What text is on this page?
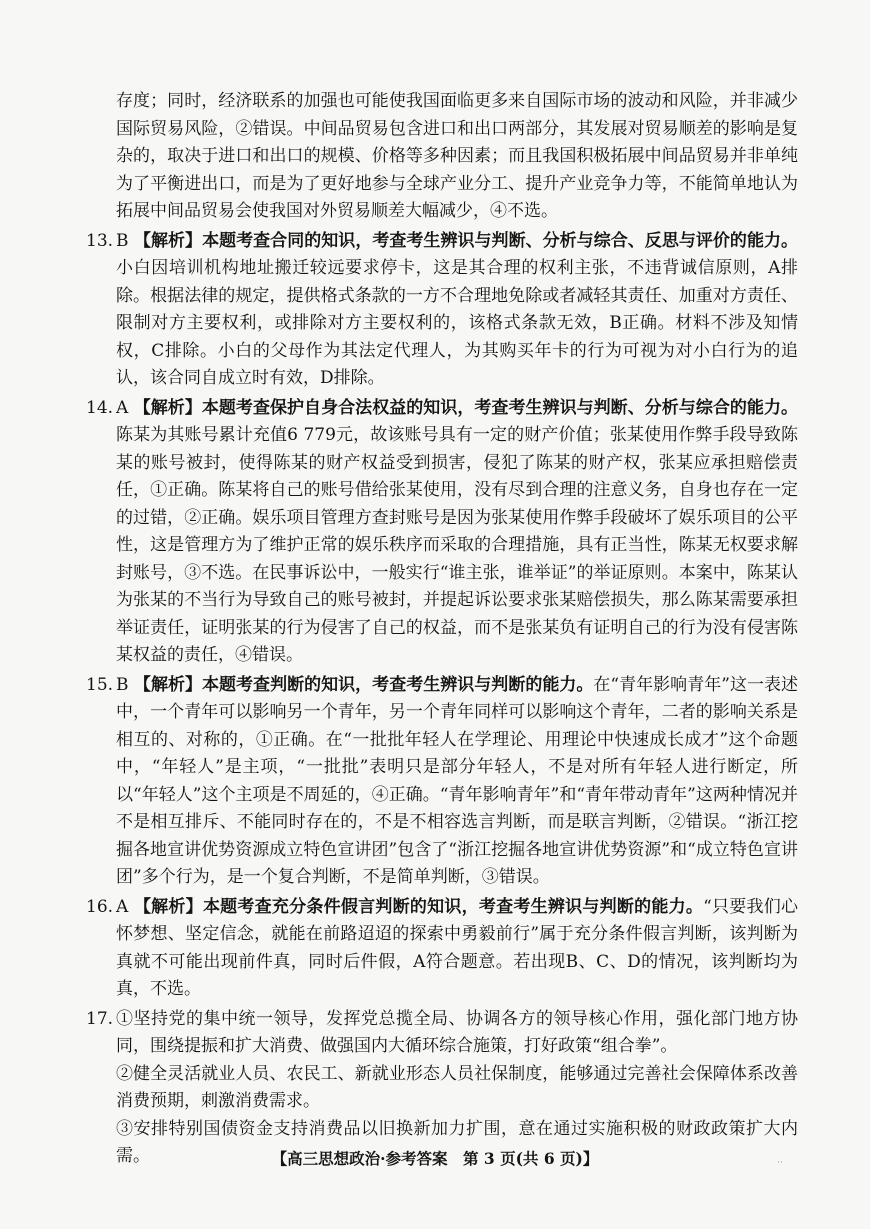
存度；同时，经济联系的加强也可能使我国面临更多来自国际市场的波动和风险，并非减少国际贸易风险，②错误。中间品贸易包含进口和出口两部分，其发展对贸易顺差的影响是复杂的，取决于进口和出口的规模、价格等多种因素；而且我国积极拓展中间品贸易并非单纯为了平衡进出口，而是为了更好地参与全球产业分工、提升产业竞争力等，不能简单地认为拓展中间品贸易会使我国对外贸易顺差大幅减少，④不选。
13. B 【解析】本题考查合同的知识，考查考生辨识与判断、分析与综合、反思与评价的能力。小白因培训机构地址搬迁较远要求停卡，这是其合理的权利主张，不违背诚信原则，A排除。根据法律的规定，提供格式条款的一方不合理地免除或者减轻其责任、加重对方责任、限制对方主要权利，或排除对方主要权利的，该格式条款无效，B正确。材料不涉及知情权，C排除。小白的父母作为其法定代理人，为其购买年卡的行为可视为对小白行为的追认，该合同自成立时有效，D排除。
14. A 【解析】本题考查保护自身合法权益的知识，考查考生辨识与判断、分析与综合的能力。陈某为其账号累计充值6 779元，故该账号具有一定的财产价值；张某使用作弊手段导致陈某的账号被封，使得陈某的财产权益受到损害，侵犯了陈某的财产权，张某应承担赔偿责任，①正确。陈某将自己的账号借给张某使用，没有尽到合理的注意义务，自身也存在一定的过错，②正确。娱乐项目管理方查封账号是因为张某使用作弊手段破坏了娱乐项目的公平性，这是管理方为了维护正常的娱乐秩序而采取的合理措施，具有正当性，陈某无权要求解封账号，③不选。在民事诉讼中，一般实行“谁主张，谁举证”的举证原则。本案中，陈某认为张某的不当行为导致自己的账号被封，并提起诉讼要求张某赔偿损失，那么陈某需要承担举证责任，证明张某的行为侵害了自己的权益，而不是张某负有证明自己的行为没有侵害陈某权益的责任，④错误。
15. B 【解析】本题考查判断的知识，考查考生辨识与判断的能力。在“青年影响青年”这一表述中，一个青年可以影响另一个青年，另一个青年同样可以影响这个青年，二者的影响关系是相互的、对称的，①正确。在“一批批年轻人在学理论、用理论中快速成长成才”这个命题中，“年轻人”是主项，“一批批”表明只是部分年轻人，不是对所有年轻人进行断定，所以“年轻人”这个主项是不周延的，④正确。“青年影响青年”和“青年带动青年”这两种情况并不是相互排斥、不能同时存在的，不是不相容选言判断，而是联言判断，②错误。“浙江挖掘各地宣讲优势资源成立特色宣讲团”包含了“浙江挖掘各地宣讲优势资源”和“成立特色宣讲团”多个行为，是一个复合判断，不是简单判断，③错误。
16. A 【解析】本题考查充分条件假言判断的知识，考查考生辨识与判断的能力。“只要我们心怀梦想、坚定信念，就能在前路迢迢的探索中勇毅前行”属于充分条件假言判断，该判断为真就不可能出现前件真，同时后件假，A符合题意。若出现B、C、D的情况，该判断均为真，不选。
17. ①坚持党的集中统一领导，发挥党总揽全局、协调各方的领导核心作用，强化部门地方协同，围绕提振和扩大消费、做强国内大循环综合施策，打好政策“组合拳”。
②健全灵活就业人员、农民工、新就业形态人员社保制度，能够通过完善社会保障体系改善消费预期，刺激消费需求。
③安排特别国债资金支持消费品以旧换新加力扩围，意在通过实施积极的财政政策扩大内需。	【高三思想政治·参考答案　第 3 页(共 6 页)】	··
